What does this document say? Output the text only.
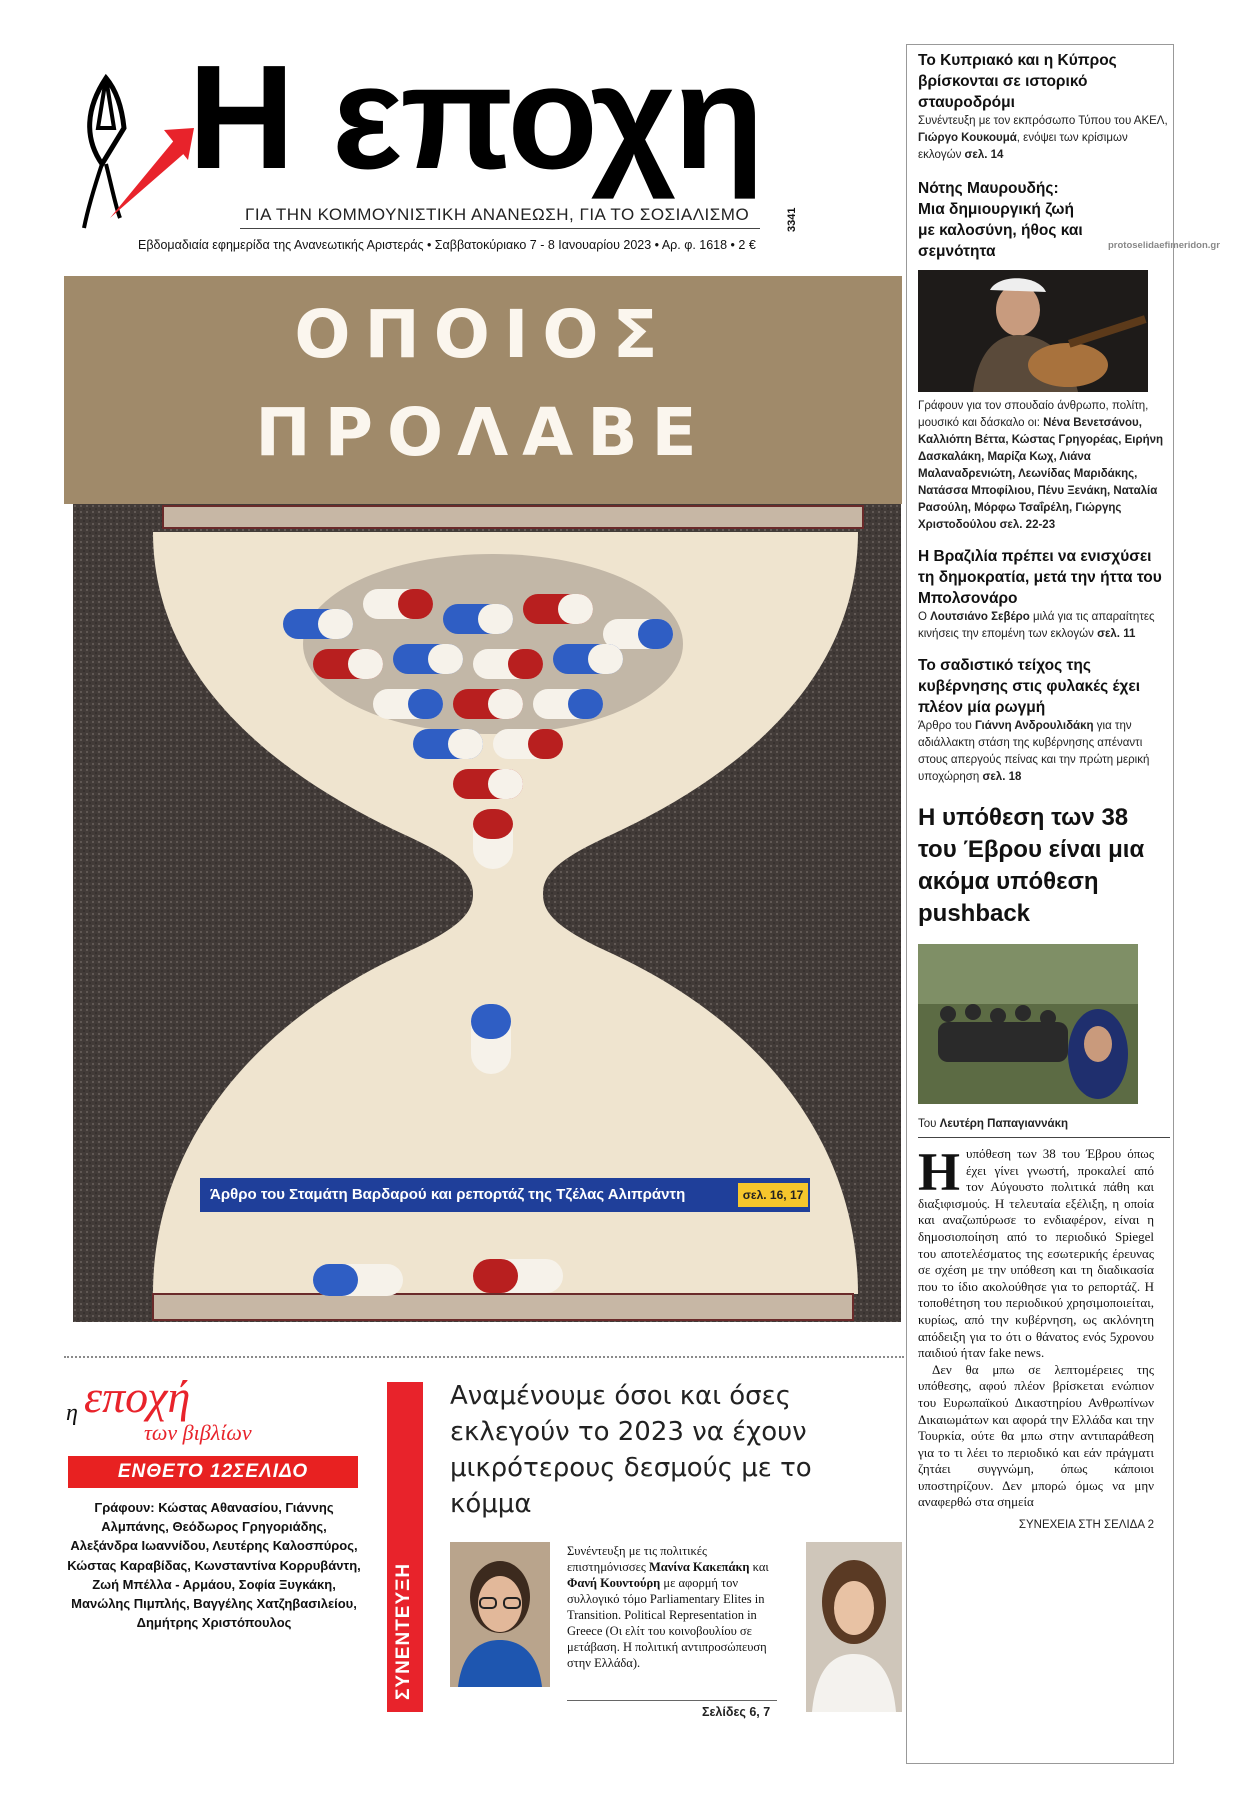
Η εποχη
ΓΙΑ ΤΗΝ ΚΟΜΜΟΥΝΙΣΤΙΚΗ ΑΝΑΝΕΩΣΗ, ΓΙΑ ΤΟ ΣΟΣΙΑΛΙΣΜΟ	3341
Εβδομαδιαία εφημερίδα της Ανανεωτικής Αριστεράς • Σαββατοκύριακο 7 - 8 Ιανουαρίου 2023 • Αρ. φ. 1618 • 2 €	protoselidaefimeridon.gr
ΟΠΟΙΟΣ ΠΡΟΛΑΒΕ
Άρθρο του Σταμάτη Βαρδαρού και ρεπορτάζ της Τζέλας Αλιπράντη	σελ. 16, 17
Το Κυπριακό και η Κύπρος βρίσκονται σε ιστορικό σταυροδρόμι
Συνέντευξη με τον εκπρόσωπο Τύπου του ΑΚΕΛ, Γιώργο Κουκουμά, ενόψει των κρίσιμων εκλογών σελ. 14
Νότης Μαυρουδής: Μια δημιουργική ζωή με καλοσύνη, ήθος και σεμνότητα
Γράφουν για τον σπουδαίο άνθρωπο, πολίτη, μουσικό και δάσκαλο οι: Νένα Βενετσάνου, Καλλιόπη Βέττα, Κώστας Γρηγορέας, Ειρήνη Δασκαλάκη, Μαρίζα Κωχ, Λιάνα Μαλαναδρενιώτη, Λεωνίδας Μαριδάκης, Νατάσσα Μποφίλιου, Πένυ Ξενάκη, Ναταλία Ρασούλη, Μόρφω Τσαΐρέλη, Γιώργης Χριστοδούλου σελ. 22-23
Η Βραζιλία πρέπει να ενισχύσει τη δημοκρατία, μετά την ήττα του Μπολσονάρο
Ο Λουτσιάνο Σεβέρο μιλά για τις απαραίτητες κινήσεις την επομένη των εκλογών σελ. 11
Το σαδιστικό τείχος της κυβέρνησης στις φυλακές έχει πλέον μία ρωγμή
Άρθρο του Γιάννη Ανδρουλιδάκη για την αδιάλλακτη στάση της κυβέρνησης απέναντι στους απεργούς πείνας και την πρώτη μερική υποχώρηση σελ. 18
Η υπόθεση των 38 του Έβρου είναι μια ακόμα υπόθεση pushback
Του Λευτέρη Παπαγιαννάκη
Ηυπόθεση των 38 του Έβρου όπως έχει γίνει γνωστή, προκαλεί από τον Αύγουστο πολιτικά πάθη και διαξιφισμούς. Η τελευταία εξέλιξη, η οποία και αναζωπύρωσε το ενδιαφέρον, είναι η δημοσιοποίηση από το περιοδικό Spiegel του αποτελέσματος της εσωτερικής έρευνας σε σχέση με την υπόθεση και τη διαδικασία που το ίδιο ακολούθησε για το ρεπορτάζ. Η τοποθέτηση του περιοδικού χρησιμοποιείται, κυρίως, από την κυβέρνηση, ως ακλόνητη απόδειξη για το ότι ο θάνατος ενός 5χρονου παιδιού ήταν fake news.
Δεν θα μπω σε λεπτομέρειες της υπόθεσης, αφού πλέον βρίσκεται ενώπιον του Ευρωπαϊκού Δικαστηρίου Ανθρωπίνων Δικαιωμάτων και αφορά την Ελλάδα και την Τουρκία, ούτε θα μπω στην αντιπαράθεση για το τι λέει το περιοδικό και εάν πράγματι ζητάει συγγνώμη, όπως κάποιοι υποστηρίζουν. Δεν μπορώ όμως να μην αναφερθώ στα σημεία
ΣΥΝΕΧΕΙΑ ΣΤΗ ΣΕΛΙΔΑ 2
η εποχή
των βιβλίων
ΕΝΘΕΤΟ 12ΣΕΛΙΔΟ
Γράφουν: Κώστας Αθανασίου, Γιάννης Αλμπάνης, Θεόδωρος Γρηγοριάδης, Αλεξάνδρα Ιωαννίδου, Λευτέρης Καλοσπύρος, Κώστας Καραβίδας, Κωνσταντίνα Κορρυβάντη, Ζωή Μπέλλα - Αρμάου, Σοφία Ξυγκάκη, Μανώλης Πιμπλής, Βαγγέλης Χατζηβασιλείου, Δημήτρης Χριστόπουλος	ΣΥΝΕΝΤΕΥΞΗ
Αναμένουμε όσοι και όσες εκλεγούν το 2023 να έχουν μικρότερους δεσμούς με το κόμμα
Συνέντευξη με τις πολιτικές επιστημόνισσες Μανίνα Κακεπάκη και Φανή Κουντούρη με αφορμή τον συλλογικό τόμο Parliamentary Elites in Transition. Political Representation in Greece (Οι ελίτ του κοινοβουλίου σε μετάβαση. Η πολιτική αντιπροσώπευση στην Ελλάδα).
Σελίδες 6, 7
